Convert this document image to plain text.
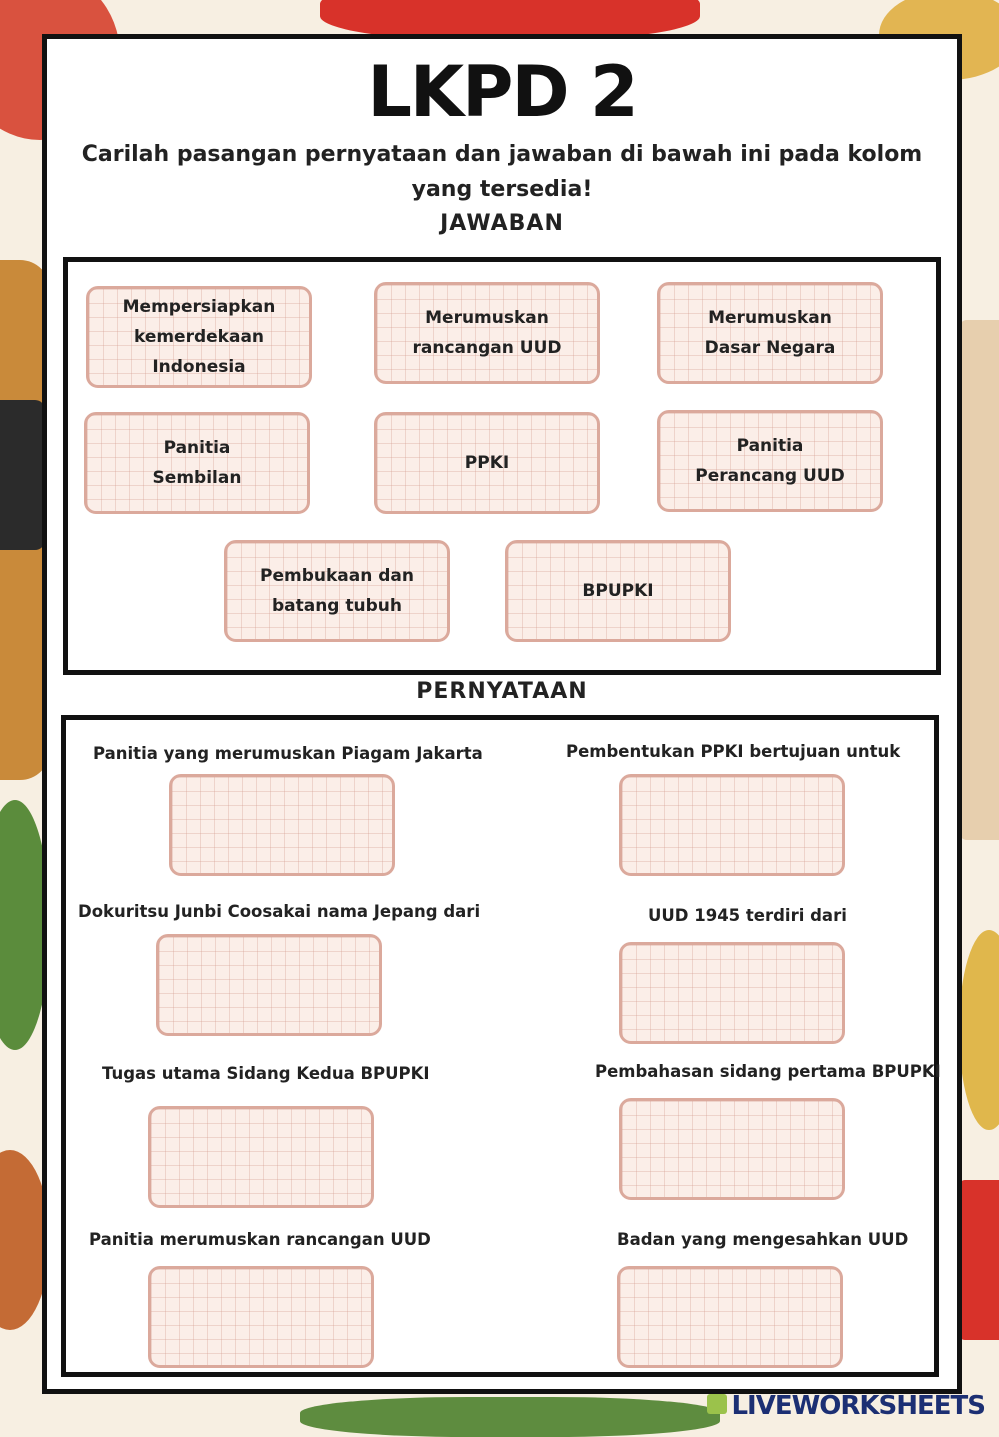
LKPD 2
Carilah pasangan pernyataan dan jawaban di bawah ini pada kolom yang tersedia!
JAWABAN
Mempersiapkan
kemerdekaan Indonesia
Merumuskan
rancangan UUD
Merumuskan
Dasar Negara
Panitia
Sembilan
PPKI
Panitia
Perancang UUD
Pembukaan dan
batang tubuh
BPUPKI
PERNYATAAN
Panitia yang merumuskan Piagam Jakarta	Pembentukan PPKI bertujuan untuk
Dokuritsu Junbi Coosakai nama Jepang dari	UUD 1945 terdiri dari
Tugas utama Sidang Kedua BPUPKI	Pembahasan sidang pertama BPUPKI
Panitia merumuskan rancangan UUD	Badan yang mengesahkan UUD
LIVEWORKSHEETS
